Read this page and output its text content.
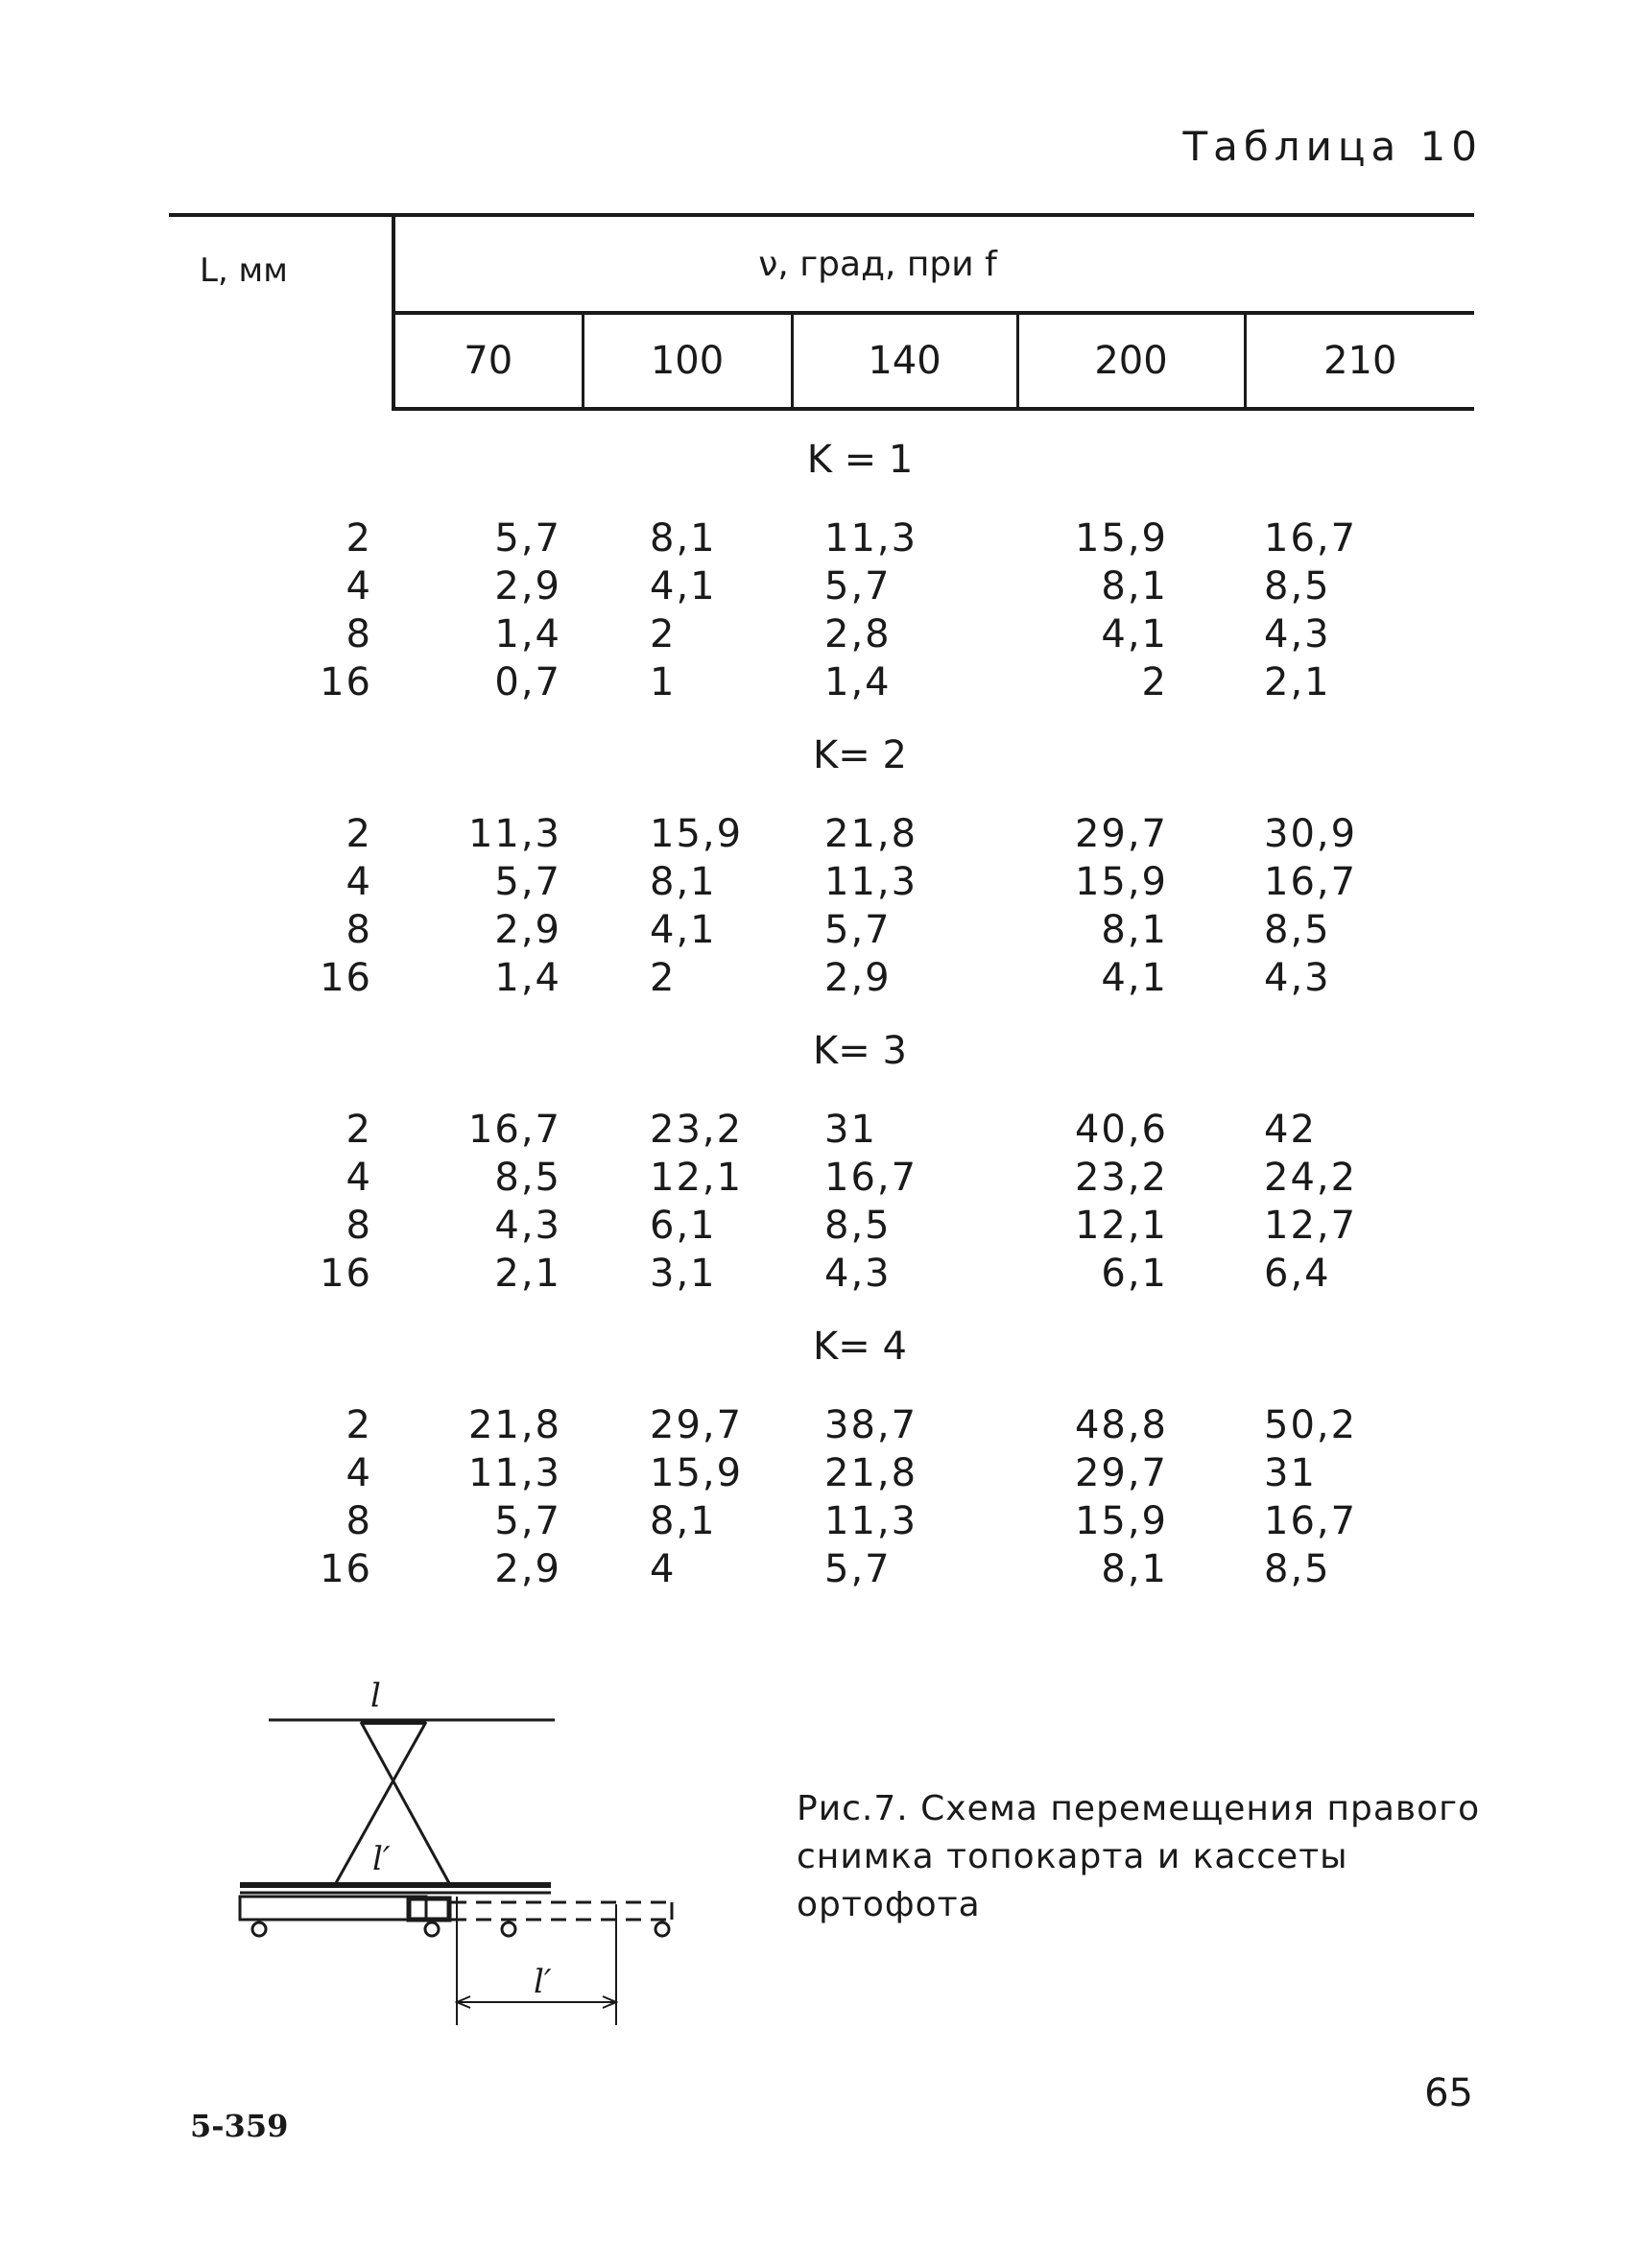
Таблица 10
L, мм	ν, град, при f				
	70	100	140	200	210
K = 1					
2	5,7	8,1	11,3	15,9	16,7
4	2,9	4,1	5,7	8,1	8,5
8	1,4	2	2,8	4,1	4,3
16	0,7	1	1,4	2	2,1
K= 2					
2	11,3	15,9	21,8	29,7	30,9
4	5,7	8,1	11,3	15,9	16,7
8	2,9	4,1	5,7	8,1	8,5
16	1,4	2	2,9	4,1	4,3
K= 3					
2	16,7	23,2	31	40,6	42
4	8,5	12,1	16,7	23,2	24,2
8	4,3	6,1	8,5	12,1	12,7
16	2,1	3,1	4,3	6,1	6,4
K= 4					
2	21,8	29,7	38,7	48,8	50,2
4	11,3	15,9	21,8	29,7	31
8	5,7	8,1	11,3	15,9	16,7
16	2,9	4	5,7	8,1	8,5
l
l′
l′
Рис.7. Схема перемещения правого снимка топокарта и кассеты ортофота
65
5-359
